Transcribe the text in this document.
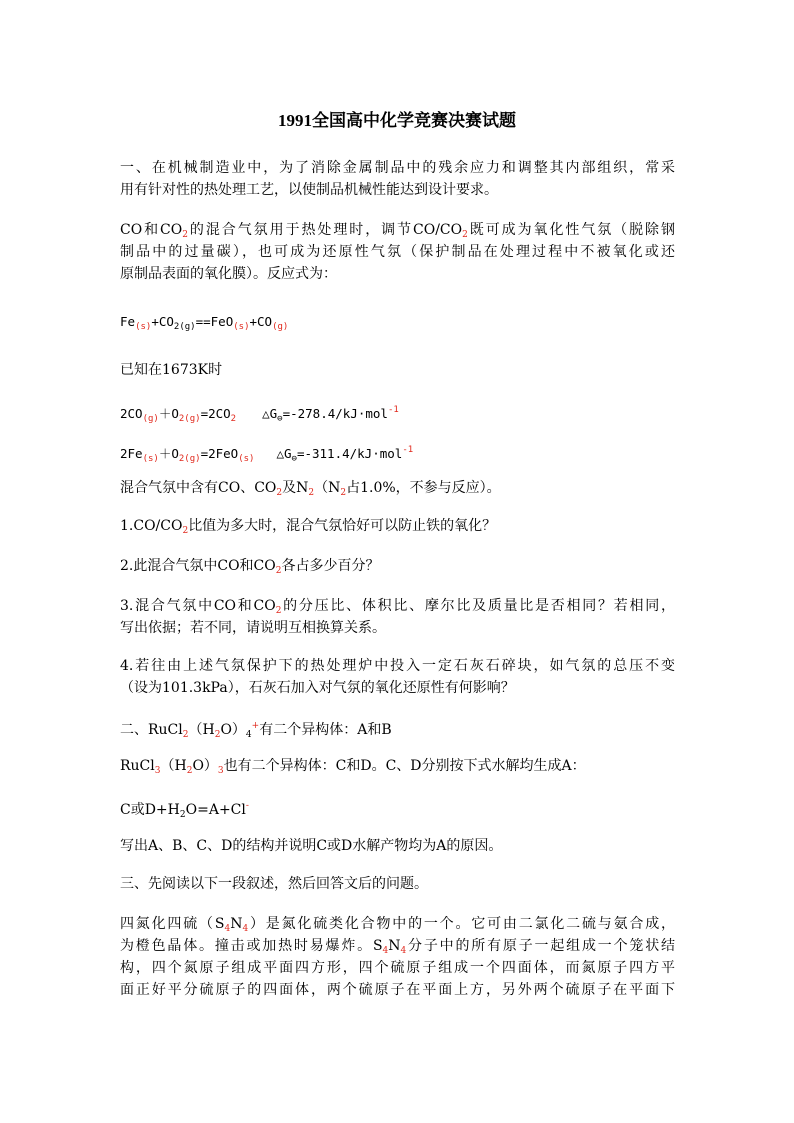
1991全国高中化学竞赛决赛试题
一、在机械制造业中，为了消除金属制品中的残余应力和调整其内部组织，常采
用有针对性的热处理工艺，以使制品机械性能达到设计要求。
CO和$CO_2$的混合气氛用于热处理时，调节$CO/CO_2$既可成为氧化性气氛（脱除钢
制品中的过量碳），也可成为还原性气氛（保护制品在处理过程中不被氧化或还
原制品表面的氧化膜）。反应式为：
$Fe_{(s)}+CO_{2(g)}==FeO_{(s)}+CO_{(g)}$
已知在1673K时
$2CO_{(g)}+O_{2(g)}=2CO_2$ $\triangle G_⊖=-278.4/kJ\cdot mol^{-1}$
$2Fe_{(s)}+O_{2(g)}=2FeO_{(s)}$ $\triangle G_⊖=-311.4/kJ\cdot mol^{-1}$
混合气氛中含有CO、$CO_2$及$N_2(N_2$占1.0%，不参与反应）。
$1.CO/CO_2$比值为多大时，混合气氛恰好可以防止铁的氧化？
2.此混合气氛中CO和$CO_2$各占多少百分？
3.混合气氛中CO和$CO_2$的分压比、体积比、摩尔比及质量比是否相同？若相同，
写出依据；若不同，请说明互相换算关系。
4.若往由上述气氛保护下的热处理炉中投入一定石灰石碎块，如气氛的总压不变
（设为101.3kPa），石灰石加入对气氛的氧化还原性有何影响？
二、$RuCl_2(H_2O)_4^+$有二个异构体：A和B
$RuCl_3(H_2O)_3$也有二个异构体：C和D。C、D分别按下式水解均生成A：
C或$D+H_2O=A+Cl^-$
写出A、B、C、D的结构并说明C或D水解产物均为A的原因。
三、先阅读以下一段叙述，然后回答文后的问题。
四氮化四硫$(S_4N_4)$是氮化硫类化合物中的一个。它可由二氯化二硫与氨合成，
为橙色晶体。撞击或加热时易爆炸。$S_4N_4$分子中的所有原子一起组成一个笼状结
构，四个氮原子组成平面四方形，四个硫原子组成一个四面体，而氮原子四方平
面正好平分硫原子的四面体，两个硫原子在平面上方，另外两个硫原子在平面下
